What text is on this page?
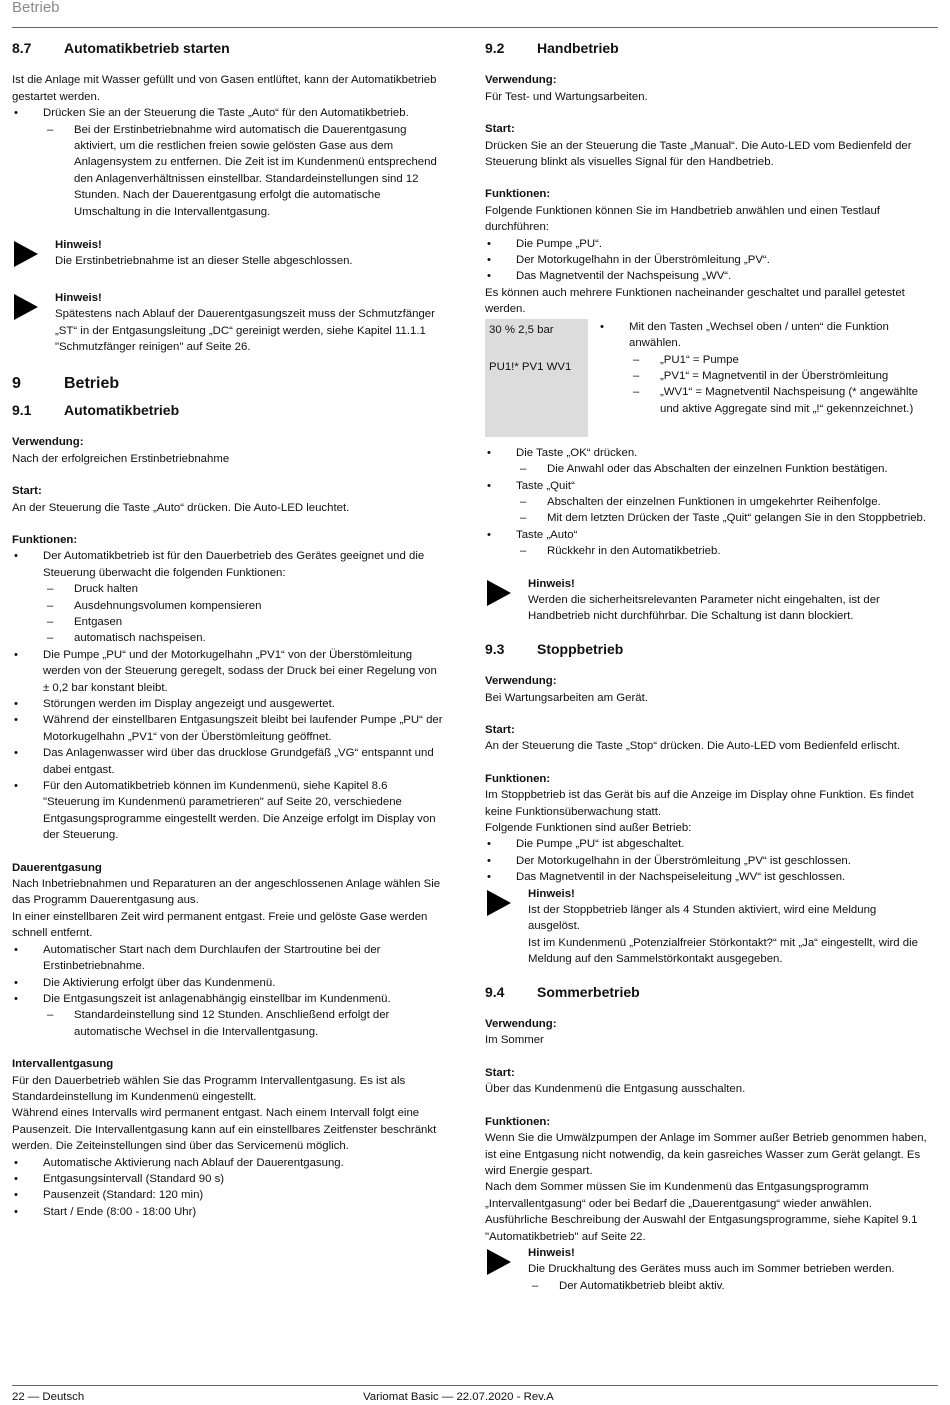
Betrieb
8.7	Automatikbetrieb starten

Ist die Anlage mit Wasser gefüllt und von Gasen entlüftet, kann der Automatikbetrieb gestartet werden.

• Drücken Sie an der Steuerung die Taste „Auto“ für den Automatikbetrieb.
– Bei der Erstinbetriebnahme wird automatisch die Dauerentgasung aktiviert, um die restlichen freien sowie gelösten Gase aus dem Anlagensystem zu entfernen. Die Zeit ist im Kundenmenü entsprechend den Anlagenverhältnissen einstellbar. Standardeinstellungen sind 12 Stunden. Nach der Dauerentgasung erfolgt die automatische Umschaltung in die Intervallentgasung.
Hinweis!

Die Erstinbetriebnahme ist an dieser Stelle abgeschlossen.

Hinweis!

Spätestens nach Ablauf der Dauerentgasungszeit muss der Schmutzfänger „ST“ in der Entgasungsleitung „DC“ gereinigt werden, siehe Kapitel 11.1.1 "Schmutzfänger reinigen" auf Seite 26.

9	Betrieb
9.1	Automatikbetrieb
Verwendung:

Nach der erfolgreichen Erstinbetriebnahme

Start:

An der Steuerung die Taste „Auto“ drücken. Die Auto-LED leuchtet.

Funktionen:
• Der Automatikbetrieb ist für den Dauerbetrieb des Gerätes geeignet und die Steuerung überwacht die folgenden Funktionen:
– Druck halten
– Ausdehnungsvolumen kompensieren
– Entgasen
– automatisch nachspeisen.
• Die Pumpe „PU“ und der Motorkugelhahn „PV1“ von der Überstömleitung werden von der Steuerung geregelt, sodass der Druck bei einer Regelung von ± 0,2 bar konstant bleibt.
• Störungen werden im Display angezeigt und ausgewertet.
• Während der einstellbaren Entgasungszeit bleibt bei laufender Pumpe „PU“ der Motorkugelhahn „PV1“ von der Überstömleitung geöffnet.
• Das Anlagenwasser wird über das drucklose Grundgefäß „VG“ entspannt und dabei entgast.
• Für den Automatikbetrieb können im Kundenmenü, siehe Kapitel 8.6 "Steuerung im Kundenmenü parametrieren" auf Seite 20, verschiedene Entgasungsprogramme eingestellt werden. Die Anzeige erfolgt im Display von der Steuerung.
Dauerentgasung

Nach Inbetriebnahmen und Reparaturen an der angeschlossenen Anlage wählen Sie das Programm Dauerentgasung aus.

In einer einstellbaren Zeit wird permanent entgast. Freie und gelöste Gase werden schnell entfernt.

• Automatischer Start nach dem Durchlaufen der Startroutine bei der Erstinbetriebnahme.
• Die Aktivierung erfolgt über das Kundenmenü.
• Die Entgasungszeit ist anlagenabhängig einstellbar im Kundenmenü.
– Standardeinstellung sind 12 Stunden. Anschließend erfolgt der automatische Wechsel in die Intervallentgasung.
Intervallentgasung

Für den Dauerbetrieb wählen Sie das Programm Intervallentgasung. Es ist als Standardeinstellung im Kundenmenü eingestellt.

Während eines Intervalls wird permanent entgast. Nach einem Intervall folgt eine Pausenzeit. Die Intervallentgasung kann auf ein einstellbares Zeitfenster beschränkt werden. Die Zeiteinstellungen sind über das Servicemenü möglich.

• Automatische Aktivierung nach Ablauf der Dauerentgasung.
• Entgasungsintervall (Standard 90 s)
• Pausenzeit (Standard: 120 min)
• Start / Ende (8:00 - 18:00 Uhr)
9.2	Handbetrieb
Verwendung:

Für Test- und Wartungsarbeiten.

Start:

Drücken Sie an der Steuerung die Taste „Manual“. Die Auto-LED vom Bedienfeld der Steuerung blinkt als visuelles Signal für den Handbetrieb.

Funktionen:

Folgende Funktionen können Sie im Handbetrieb anwählen und einen Testlauf durchführen:

• Die Pumpe „PU“.
• Der Motorkugelhahn in der Überströmleitung „PV“.
• Das Magnetventil der Nachspeisung „WV“.

Es können auch mehrere Funktionen nacheinander geschaltet und parallel getestet werden.

30 % 2,5 bar
PU1!* PV1 WV1
• Mit den Tasten „Wechsel oben / unten“ die Funktion anwählen.
– „PU1“ = Pumpe
– „PV1“ = Magnetventil in der Überströmleitung
– „WV1“ = Magnetventil Nachspeisung (* angewählte und aktive Aggregate sind mit „!“ gekennzeichnet.)
• Die Taste „OK“ drücken.
– Die Anwahl oder das Abschalten der einzelnen Funktion bestätigen.
• Taste „Quit“
– Abschalten der einzelnen Funktionen in umgekehrter Reihenfolge.
– Mit dem letzten Drücken der Taste „Quit“ gelangen Sie in den Stoppbetrieb.
• Taste „Auto“
– Rückkehr in den Automatikbetrieb.
Hinweis!

Werden die sicherheitsrelevanten Parameter nicht eingehalten, ist der Handbetrieb nicht durchführbar. Die Schaltung ist dann blockiert.

9.3	Stoppbetrieb
Verwendung:

Bei Wartungsarbeiten am Gerät.

Start:

An der Steuerung die Taste „Stop“ drücken. Die Auto-LED vom Bedienfeld erlischt.

Funktionen:

Im Stoppbetrieb ist das Gerät bis auf die Anzeige im Display ohne Funktion. Es findet keine Funktionsüberwachung statt.

Folgende Funktionen sind außer Betrieb:

• Die Pumpe „PU“ ist abgeschaltet.
• Der Motorkugelhahn in der Überströmleitung „PV“ ist geschlossen.
• Das Magnetventil in der Nachspeiseleitung „WV“ ist geschlossen.
Hinweis!

Ist der Stoppbetrieb länger als 4 Stunden aktiviert, wird eine Meldung ausgelöst.

Ist im Kundenmenü „Potenzialfreier Störkontakt?“ mit „Ja“ eingestellt, wird die Meldung auf den Sammelstörkontakt ausgegeben.

9.4	Sommerbetrieb
Verwendung:

Im Sommer

Start:

Über das Kundenmenü die Entgasung ausschalten.

Funktionen:

Wenn Sie die Umwälzpumpen der Anlage im Sommer außer Betrieb genommen haben, ist eine Entgasung nicht notwendig, da kein gasreiches Wasser zum Gerät gelangt. Es wird Energie gespart.

Nach dem Sommer müssen Sie im Kundenmenü das Entgasungsprogramm „Intervallentgasung“ oder bei Bedarf die „Dauerentgasung“ wieder anwählen. Ausführliche Beschreibung der Auswahl der Entgasungsprogramme, siehe Kapitel 9.1 "Automatikbetrieb" auf Seite 22.

Hinweis!

Die Druckhaltung des Gerätes muss auch im Sommer betrieben werden.

– Der Automatikbetrieb bleibt aktiv.
22 — Deutsch	Variomat Basic — 22.07.2020 - Rev.A
